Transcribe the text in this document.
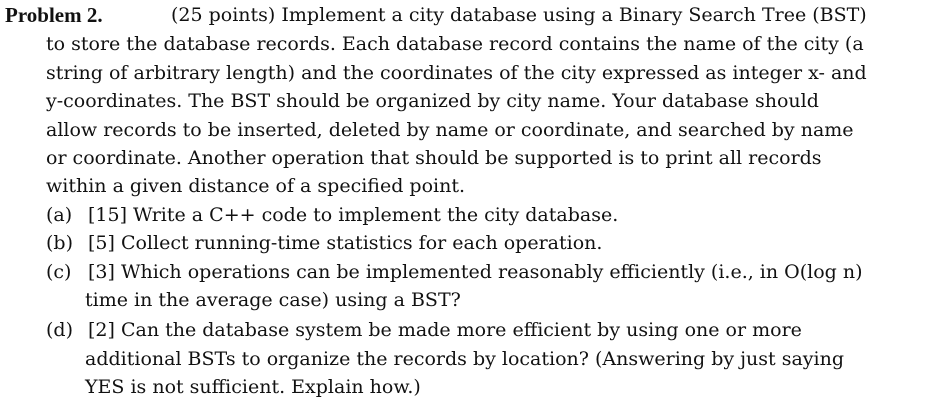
Problem 2.	(25 points) Implement a city database using a Binary Search Tree (BST)
to store the database records. Each database record contains the name of the city (a
string of arbitrary length) and the coordinates of the city expressed as integer x- and
y-coordinates. The BST should be organized by city name. Your database should
allow records to be inserted, deleted by name or coordinate, and searched by name
or coordinate. Another operation that should be supported is to print all records
within a given distance of a specified point.
(a) [15] Write a C++ code to implement the city database.
(b) [5] Collect running-time statistics for each operation.
(c) [3] Which operations can be implemented reasonably efficiently (i.e., in O(log n)
time in the average case) using a BST?
(d) [2] Can the database system be made more efficient by using one or more
additional BSTs to organize the records by location? (Answering by just saying
YES is not sufficient. Explain how.)
